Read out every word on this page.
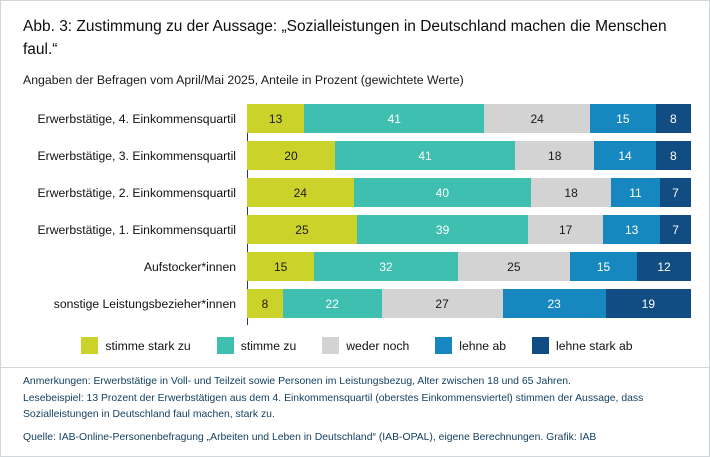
Abb. 3: Zustimmung zu der Aussage: „Sozialleistungen in Deutschland machen die Menschen faul.“
Angaben der Befragen vom April/Mai 2025, Anteile in Prozent (gewichtete Werte)
Erwerbstätige, 4. Einkommensquartil	13	41	24	15	8
Erwerbstätige, 3. Einkommensquartil	20	41	18	14	8
Erwerbstätige, 2. Einkommensquartil	24	40	18	11	7
Erwerbstätige, 1. Einkommensquartil	25	39	17	13	7
Aufstocker*innen	15	32	25	15	12
sonstige Leistungsbezieher*innen	8	22	27	23	19
stimme stark zu	stimme zu	weder noch	lehne ab	lehne stark ab

Anmerkungen: Erwerbstätige in Voll- und Teilzeit sowie Personen im Leistungsbezug, Alter zwischen 18 und 65 Jahren.

Lesebeispiel: 13 Prozent der Erwerbstätigen aus dem 4. Einkommensquartil (oberstes Einkommensviertel) stimmen der Aussage, dass

Sozialleistungen in Deutschland faul machen, stark zu.

Quelle: IAB-Online-Personenbefragung „Arbeiten und Leben in Deutschland“ (IAB-OPAL), eigene Berechnungen. Grafik: IAB
